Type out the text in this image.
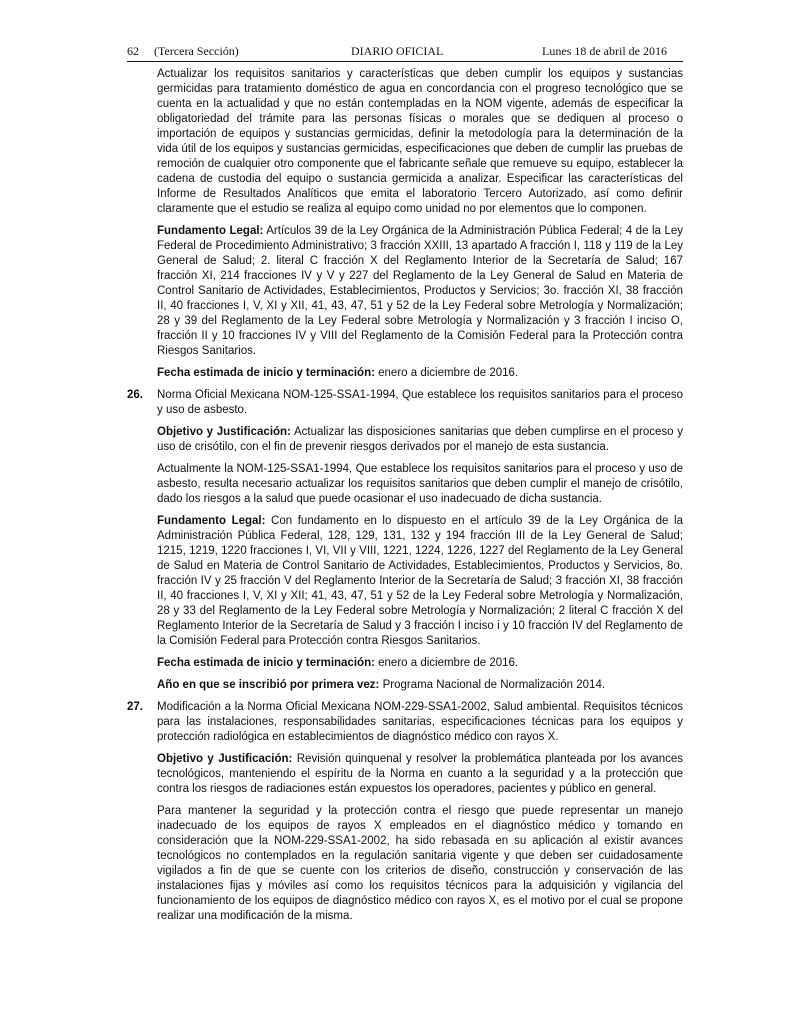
62     (Tercera Sección)	DIARIO OFICIAL	Lunes 18 de abril de 2016

Actualizar los requisitos sanitarios y características que deben cumplir los equipos y sustancias germicidas para tratamiento doméstico de agua en concordancia con el progreso tecnológico que se cuenta en la actualidad y que no están contempladas en la NOM vigente, además de especificar la obligatoriedad del trámite para las personas físicas o morales que se dediquen al proceso o importación de equipos y sustancias germicidas, definir la metodología para la determinación de la vida útil de los equipos y sustancias germicidas, especificaciones que deben de cumplir las pruebas de remoción de cualquier otro componente que el fabricante señale que remueve su equipo, establecer la cadena de custodia del equipo o sustancia germicida a analizar. Especificar las características del Informe de Resultados Analíticos que emita el laboratorio Tercero Autorizado, así como definir claramente que el estudio se realiza al equipo como unidad no por elementos que lo componen.

Fundamento Legal: Artículos 39 de la Ley Orgánica de la Administración Pública Federal; 4 de la Ley Federal de Procedimiento Administrativo; 3 fracción XXIII, 13 apartado A fracción I, 118 y 119 de la Ley General de Salud; 2. literal C fracción X del Reglamento Interior de la Secretaría de Salud; 167 fracción XI, 214 fracciones IV y V y 227 del Reglamento de la Ley General de Salud en Materia de Control Sanitario de Actividades, Establecimientos, Productos y Servicios; 3o. fracción XI, 38 fracción II, 40 fracciones I, V, XI y XII, 41, 43, 47, 51 y 52 de la Ley Federal sobre Metrología y Normalización; 28 y 39 del Reglamento de la Ley Federal sobre Metrología y Normalización y 3 fracción I inciso O, fracción II y 10 fracciones IV y VIII del Reglamento de la Comisión Federal para la Protección contra Riesgos Sanitarios.

Fecha estimada de inicio y terminación: enero a diciembre de 2016.

26. Norma Oficial Mexicana NOM-125-SSA1-1994, Que establece los requisitos sanitarios para el proceso y uso de asbesto.

Objetivo y Justificación: Actualizar las disposiciones sanitarias que deben cumplirse en el proceso y uso de crisótilo, con el fin de prevenir riesgos derivados por el manejo de esta sustancia.

Actualmente la NOM-125-SSA1-1994, Que establece los requisitos sanitarios para el proceso y uso de asbesto, resulta necesario actualizar los requisitos sanitarios que deben cumplir el manejo de crisótilo, dado los riesgos a la salud que puede ocasionar el uso inadecuado de dicha sustancia.

Fundamento Legal: Con fundamento en lo dispuesto en el artículo 39 de la Ley Orgánica de la Administración Pública Federal, 128, 129, 131, 132 y 194 fracción III de la Ley General de Salud; 1215, 1219, 1220 fracciones I, VI, VII y VIII, 1221, 1224, 1226, 1227 del Reglamento de la Ley General de Salud en Materia de Control Sanitario de Actividades, Establecimientos, Productos y Servicios, 8o. fracción IV y 25 fracción V del Reglamento Interior de la Secretaría de Salud; 3 fracción XI, 38 fracción II, 40 fracciones I, V, XI y XII; 41, 43, 47, 51 y 52 de la Ley Federal sobre Metrología y Normalización, 28 y 33 del Reglamento de la Ley Federal sobre Metrología y Normalización; 2 literal C fracción X del Reglamento Interior de la Secretaría de Salud y 3 fracción I inciso i y 10 fracción IV del Reglamento de la Comisión Federal para Protección contra Riesgos Sanitarios.

Fecha estimada de inicio y terminación: enero a diciembre de 2016.

Año en que se inscribió por primera vez: Programa Nacional de Normalización 2014.

27. Modificación a la Norma Oficial Mexicana NOM-229-SSA1-2002, Salud ambiental. Requisitos técnicos para las instalaciones, responsabilidades sanitarias, especificaciones técnicas para los equipos y protección radiológica en establecimientos de diagnóstico médico con rayos X.

Objetivo y Justificación: Revisión quinquenal y resolver la problemática planteada por los avances tecnológicos, manteniendo el espíritu de la Norma en cuanto a la seguridad y a la protección que contra los riesgos de radiaciones están expuestos los operadores, pacientes y público en general.

Para mantener la seguridad y la protección contra el riesgo que puede representar un manejo inadecuado de los equipos de rayos X empleados en el diagnóstico médico y tomando en consideración que la NOM-229-SSA1-2002, ha sido rebasada en su aplicación al existir avances tecnológicos no contemplados en la regulación sanitaria vigente y que deben ser cuidadosamente vigilados a fin de que se cuente con los criterios de diseño, construcción y conservación de las instalaciones fijas y móviles así como los requisitos técnicos para la adquisición y vigilancia del funcionamiento de los equipos de diagnóstico médico con rayos X, es el motivo por el cual se propone realizar una modificación de la misma.
